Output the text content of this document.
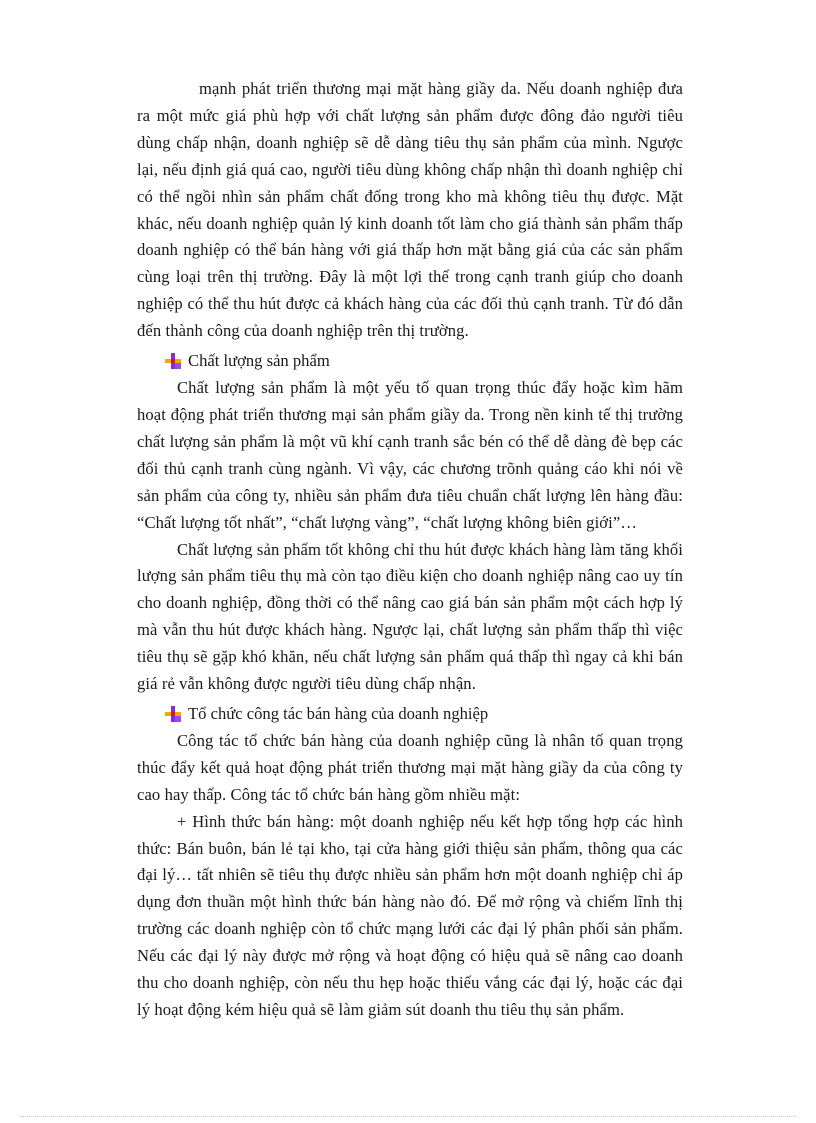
mạnh phát triển thương mại mặt hàng giầy da. Nếu doanh nghiệp đưa ra một mức giá phù hợp với chất lượng sản phẩm được đông đảo người tiêu dùng chấp nhận, doanh nghiệp sẽ dễ dàng tiêu thụ sản phẩm của mình. Ngược lại, nếu định giá quá cao, người tiêu dùng không chấp nhận thì doanh nghiệp chỉ có thể ngồi nhìn sản phẩm chất đống trong kho mà không tiêu thụ được. Mặt khác, nếu doanh nghiệp quản lý kinh doanh tốt làm cho giá thành sản phẩm thấp doanh nghiệp có thể bán hàng với giá thấp hơn mặt bằng giá của các sản phẩm cùng loại trên thị trường. Đây là một lợi thế trong cạnh tranh giúp cho doanh nghiệp có thể thu hút được cả khách hàng của các đối thủ cạnh tranh. Từ đó dẫn đến thành công của doanh nghiệp trên thị trường.

Chất lượng sản phẩm

Chất lượng sản phẩm là một yếu tố quan trọng thúc đẩy hoặc kìm hãm hoạt động phát triển thương mại sản phẩm giầy da. Trong nền kinh tế thị trường chất lượng sản phẩm là một vũ khí cạnh tranh sắc bén có thể dễ dàng đè bẹp các đối thủ cạnh tranh cùng ngành. Vì vậy, các chương trõnh quảng cáo khi nói về sản phẩm của công ty, nhiều sản phẩm đưa tiêu chuẩn chất lượng lên hàng đầu: “Chất lượng tốt nhất”, “chất lượng vàng”, “chất lượng không biên giới”…

Chất lượng sản phẩm tốt không chỉ thu hút được khách hàng làm tăng khối lượng sản phẩm tiêu thụ mà còn tạo điều kiện cho doanh nghiệp nâng cao uy tín cho doanh nghiệp, đồng thời có thể nâng cao giá bán sản phẩm một cách hợp lý mà vẫn thu hút được khách hàng. Ngược lại, chất lượng sản phẩm thấp thì việc tiêu thụ sẽ gặp khó khăn, nếu chất lượng sản phẩm quá thấp thì ngay cả khi bán giá rẻ vẫn không được người tiêu dùng chấp nhận.

Tổ chức công tác bán hàng của doanh nghiệp

Công tác tổ chức bán hàng của doanh nghiệp cũng là nhân tố quan trọng thúc đẩy kết quả hoạt động phát triển thương mại mặt hàng giầy da của công ty cao hay thấp. Công tác tổ chức bán hàng gồm nhiều mặt:

+ Hình thức bán hàng: một doanh nghiệp nếu kết hợp tổng hợp các hình thức: Bán buôn, bán lẻ tại kho, tại cửa hàng giới thiệu sản phẩm, thông qua các đại lý… tất nhiên sẽ tiêu thụ được nhiều sản phẩm hơn một doanh nghiệp chỉ áp dụng đơn thuần một hình thức bán hàng nào đó. Để mở rộng và chiếm lĩnh thị trường các doanh nghiệp còn tổ chức mạng lưới các đại lý phân phối sản phẩm. Nếu các đại lý này được mở rộng và hoạt động có hiệu quả sẽ nâng cao doanh thu cho doanh nghiệp, còn nếu thu hẹp hoặc thiếu vắng các đại lý, hoặc các đại lý hoạt động kém hiệu quả sẽ làm giảm sút doanh thu tiêu thụ sản phẩm.
